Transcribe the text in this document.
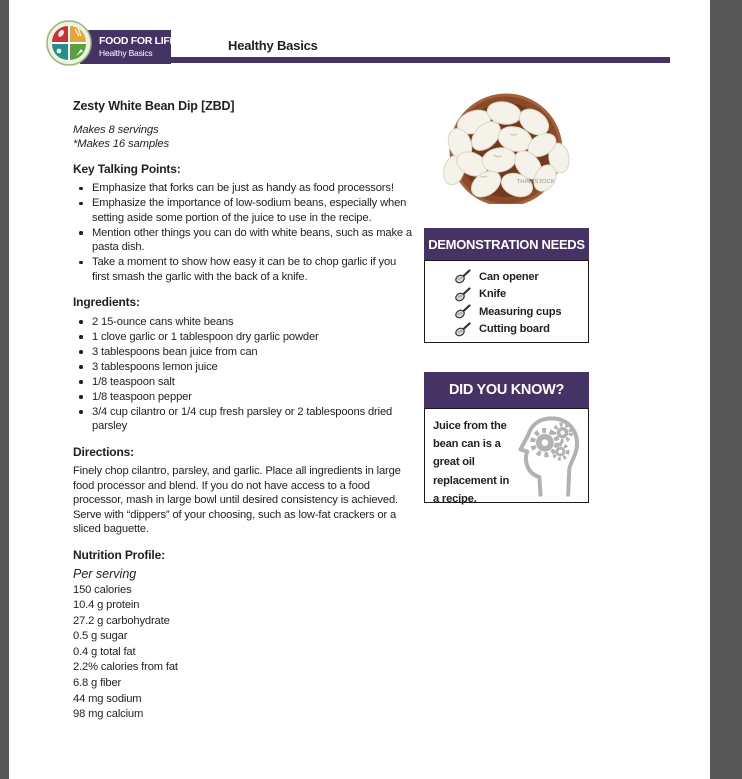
FOOD FOR LIFE
Healthy Basics	Healthy Basics
Zesty White Bean Dip [ZBD]
Makes 8 servings
*Makes 16 samples
Key Talking Points:
Emphasize that forks can be just as handy as food processors!
Emphasize the importance of low-sodium beans, especially when setting aside some portion of the juice to use in the recipe.
Mention other things you can do with white beans, such as make a pasta dish.
Take a moment to show how easy it can be to chop garlic if you first smash the garlic with the back of a knife.
Ingredients:
2 15-ounce cans white beans
1 clove garlic or 1 tablespoon dry garlic powder
3 tablespoons bean juice from can
3 tablespoons lemon juice
1/8 teaspoon salt
1/8 teaspoon pepper
3/4 cup cilantro or 1/4 cup fresh parsley or 2 tablespoons dried parsley
Directions:
Finely chop cilantro, parsley, and garlic. Place all ingredients in large food processor and blend. If you do not have access to a food processor, mash in large bowl until desired consistency is achieved. Serve with “dippers” of your choosing, such as low-fat crackers or a sliced baguette.
Nutrition Profile:
Per serving
150 calories
10.4 g protein
27.2 g carbohydrate
0.5 g sugar
0.4 g total fat
2.2% calories from fat
6.8 g fiber
44 mg sodium
98 mg calcium
THINKSTOCK
DEMONSTRATION NEEDS
Can opener
Knife
Measuring cups
Cutting board
DID YOU KNOW?
Juice from the bean can is a great oil replacement in a recipe.
